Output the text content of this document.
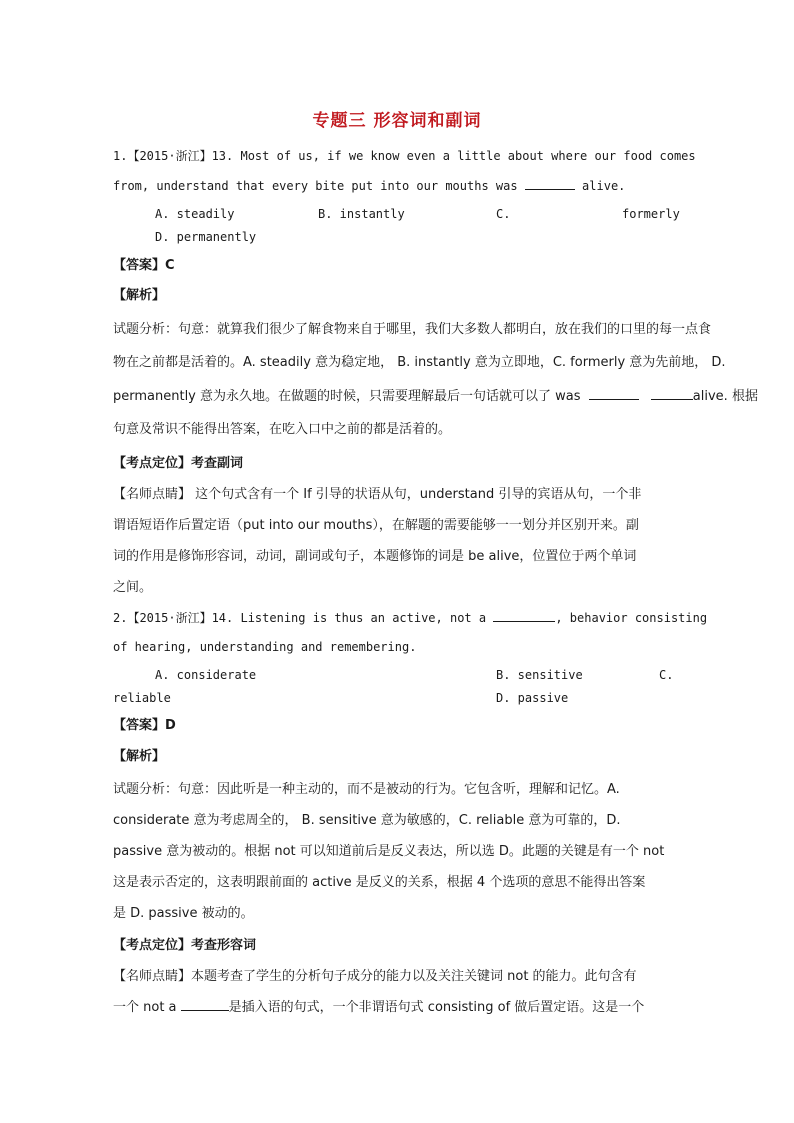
专题三 形容词和副词
1.【2015·浙江】13. Most of us, if we know even a little about where our food comes
from, understand that every bite put into our mouths was	alive.
A. steadily	B. instantly	C.	formerly
D. permanently
【答案】C
【解析】
试题分析：句意：就算我们很少了解食物来自于哪里，我们大多数人都明白，放在我们的口里的每一点食
物在之前都是活着的。A. steadily 意为稳定地， B. instantly 意为立即地，C. formerly 意为先前地， D.
permanently 意为永久地。在做题的时候，只需要理解最后一句话就可以了 was	alive. 根据
句意及常识不能得出答案，在吃入口中之前的都是活着的。
【考点定位】考查副词
【名师点睛】 这个句式含有一个 If 引导的状语从句，understand 引导的宾语从句，一个非
谓语短语作后置定语（put into our mouths），在解题的需要能够一一划分并区别开来。副
词的作用是修饰形容词，动词，副词或句子，本题修饰的词是 be alive，位置位于两个单词
之间。
2.【2015·浙江】14. Listening is thus an active, not a	, behavior consisting
of hearing, understanding and remembering.
A. considerate	B. sensitive	C.
reliable	D. passive
【答案】D
【解析】
试题分析：句意：因此听是一种主动的，而不是被动的行为。它包含听，理解和记忆。A.
considerate 意为考虑周全的， B. sensitive 意为敏感的，C. reliable 意为可靠的，D.
passive 意为被动的。根据 not 可以知道前后是反义表达，所以选 D。此题的关键是有一个 not
这是表示否定的，这表明跟前面的 active 是反义的关系，根据 4 个选项的意思不能得出答案
是 D. passive 被动的。
【考点定位】考查形容词
【名师点睛】本题考查了学生的分析句子成分的能力以及关注关键词 not 的能力。此句含有
一个 not a	是插入语的句式，一个非谓语句式 consisting of 做后置定语。这是一个
